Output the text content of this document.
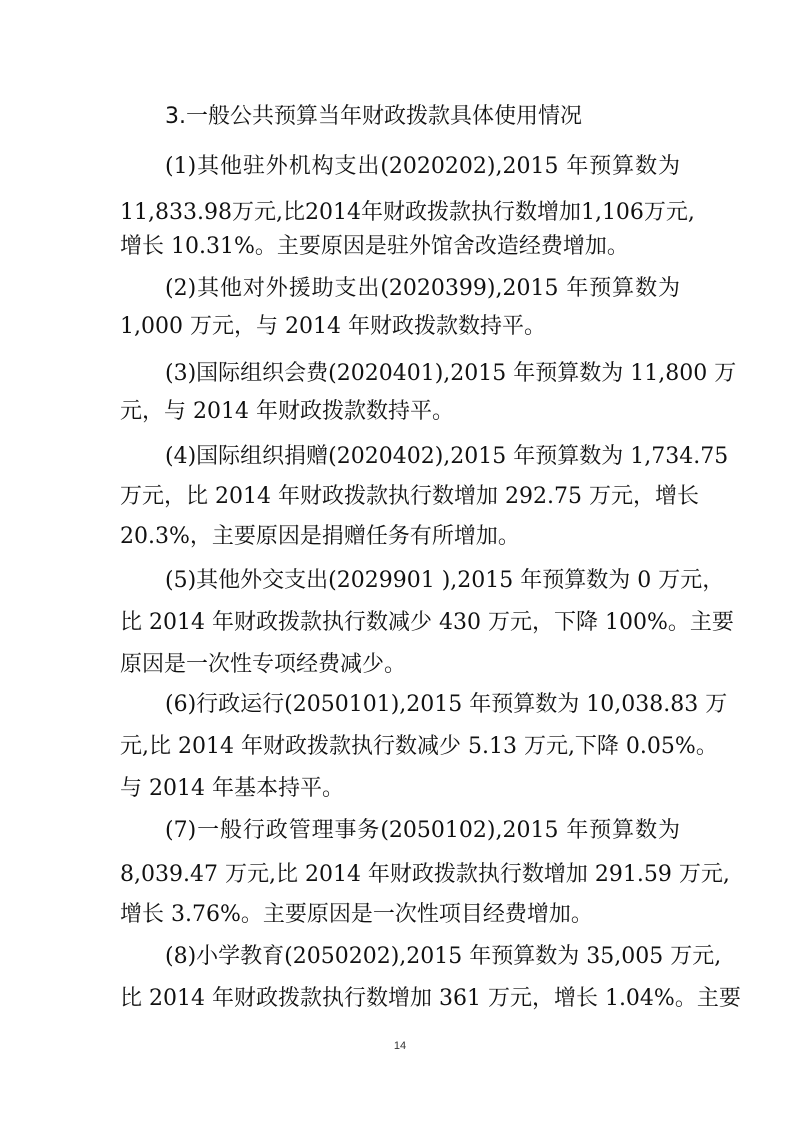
3.一般公共预算当年财政拨款具体使用情况

(1)其他驻外机构支出(2020202),2015 年预算数为

11,833.98万元,比2014年财政拨款执行数增加1,106万元,

增长 10.31%。主要原因是驻外馆舍改造经费增加。

(2)其他对外援助支出(2020399),2015 年预算数为

1,000 万元，与 2014 年财政拨款数持平。

(3)国际组织会费(2020401),2015 年预算数为 11,800 万

元，与 2014 年财政拨款数持平。

(4)国际组织捐赠(2020402),2015 年预算数为 1,734.75

万元，比 2014 年财政拨款执行数增加 292.75 万元，增长

20.3%，主要原因是捐赠任务有所增加。

(5)其他外交支出(2029901 ),2015 年预算数为 0 万元，

比 2014 年财政拨款执行数减少 430 万元，下降 100%。主要

原因是一次性专项经费减少。

(6)行政运行(2050101),2015 年预算数为 10,038.83 万

元,比 2014 年财政拨款执行数减少 5.13 万元,下降 0.05%。

与 2014 年基本持平。

(7)一般行政管理事务(2050102),2015 年预算数为

8,039.47 万元,比 2014 年财政拨款执行数增加 291.59 万元,

增长 3.76%。主要原因是一次性项目经费增加。

(8)小学教育(2050202),2015 年预算数为 35,005 万元,

比 2014 年财政拨款执行数增加 361 万元，增长 1.04%。主要

14
